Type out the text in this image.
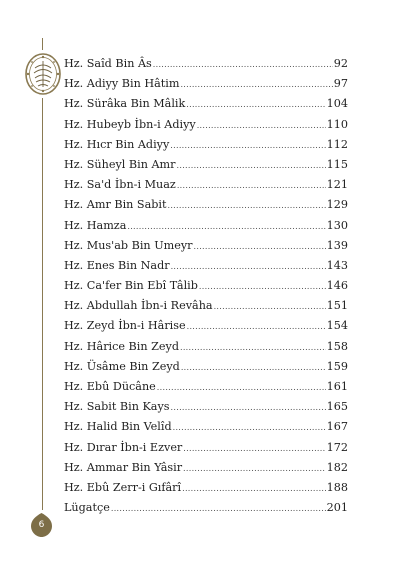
Hz. Saîd Bin Âs .....	92
Hz. Adiyy Bin Hâtim .....	97
Hz. Sürâka Bin Mâlik .....	104
Hz. Hubeyb İbn-i Adiyy .....	110
Hz. Hıcr Bin Adiyy .....	112
Hz. Süheyl Bin Amr .....	115
Hz. Sa'd İbn-i Muaz .....	121
Hz. Amr Bin Sabit .....	129
Hz. Hamza .....	130
Hz. Mus'ab Bin Umeyr .....	139
Hz. Enes Bin Nadr .....	143
Hz. Ca'fer Bin Ebî Tâlib .....	146
Hz. Abdullah İbn-i Revâha .....	151
Hz. Zeyd İbn-i Hârise .....	154
Hz. Hârice Bin Zeyd .....	158
Hz. Üsâme Bin Zeyd .....	159
Hz. Ebû Dücâne .....	161
Hz. Sabit Bin Kays .....	165
Hz. Halid Bin Velîd .....	167
Hz. Dırar İbn-i Ezver .....	172
Hz. Ammar Bin Yâsir .....	182
Hz. Ebû Zerr-i Gıfârî .....	188
Lügatçe .....	201
6
